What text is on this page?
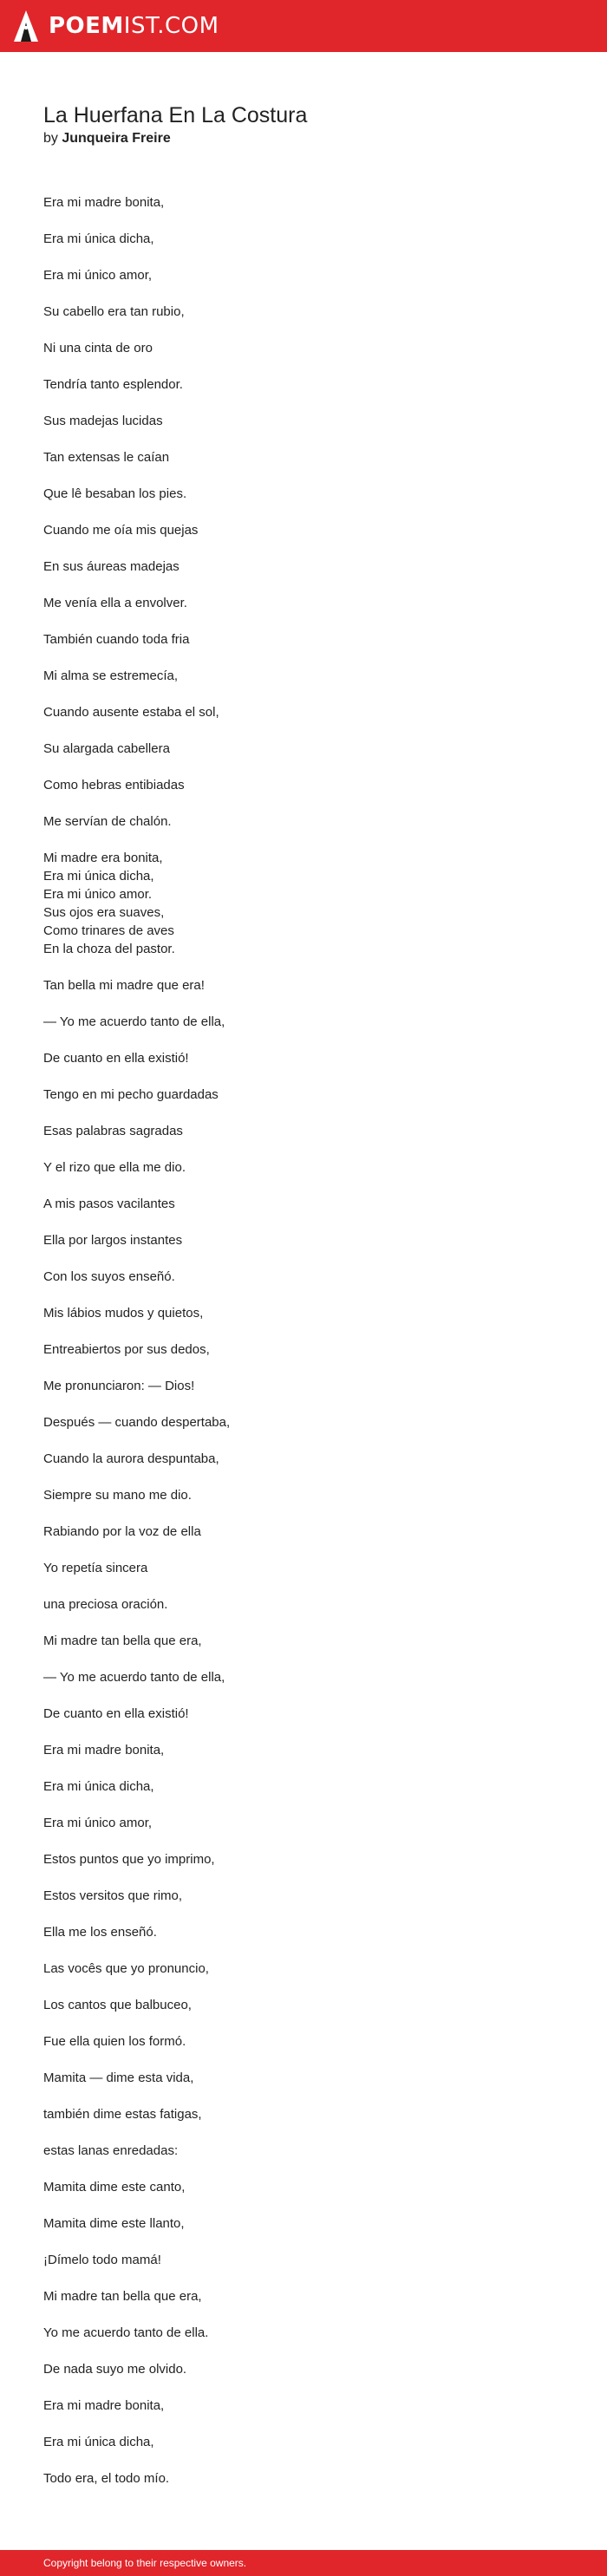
POEMIST.COM
La Huerfana En La Costura

by Junqueira Freire

Era mi madre bonita,

Era mi única dicha,

Era mi único amor,

Su cabello era tan rubio,

Ni una cinta de oro

Tendría tanto esplendor.

Sus madejas lucidas

Tan extensas le caían

Que lê besaban los pies.

Cuando me oía mis quejas

En sus áureas madejas

Me venía ella a envolver.

También cuando toda fria

Mi alma se estremecía,

Cuando ausente estaba el sol,

Su alargada cabellera

Como hebras entibiadas

Me servían de chalón.

Mi madre era bonita,
Era mi única dicha,
Era mi único amor.
Sus ojos era suaves,
Como trinares de aves
En la choza del pastor.

Tan bella mi madre que era!

— Yo me acuerdo tanto de ella,

De cuanto en ella existió!

Tengo en mi pecho guardadas

Esas palabras sagradas

Y el rizo que ella me dio.

A mis pasos vacilantes

Ella por largos instantes

Con los suyos enseñó.

Mis lábios mudos y quietos,

Entreabiertos por sus dedos,

Me pronunciaron: — Dios!

Después — cuando despertaba,

Cuando la aurora despuntaba,

Siempre su mano me dio.

Rabiando por la voz de ella

Yo repetía sincera

una preciosa oración.

Mi madre tan bella que era,

— Yo me acuerdo tanto de ella,

De cuanto en ella existió!

Era mi madre bonita,

Era mi única dicha,

Era mi único amor,

Estos puntos que yo imprimo,

Estos versitos que rimo,

Ella me los enseñó.

Las vocês que yo pronuncio,

Los cantos que balbuceo,

Fue ella quien los formó.

Mamita — dime esta vida,

también dime estas fatigas,

estas lanas enredadas:

Mamita dime este canto,

Mamita dime este llanto,

¡Dímelo todo mamá!

Mi madre tan bella que era,

Yo me acuerdo tanto de ella.

De nada suyo me olvido.

Era mi madre bonita,

Era mi única dicha,

Todo era, el todo mío.

Copyright belong to their respective owners.
